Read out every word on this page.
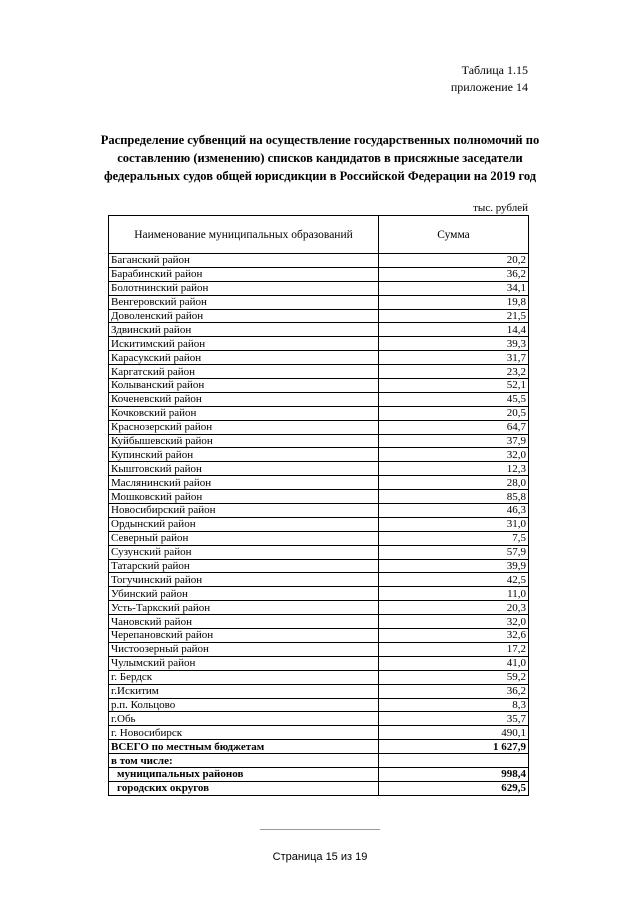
Таблица 1.15
приложение 14
Распределение субвенций на осуществление государственных полномочий по составлению (изменению) списков кандидатов в присяжные заседатели федеральных судов общей юрисдикции в Российской Федерации на 2019 год
тыс. рублей
Наименование муниципальных образований	Сумма
Баганский район	20,2
Барабинский район	36,2
Болотнинский район	34,1
Венгеровский район	19,8
Доволенский район	21,5
Здвинский район	14,4
Искитимский район	39,3
Карасукский район	31,7
Каргатский район	23,2
Колыванский район	52,1
Коченевский район	45,5
Кочковский район	20,5
Краснозерский район	64,7
Куйбышевский район	37,9
Купинский район	32,0
Кыштовский район	12,3
Маслянинский район	28,0
Мошковский район	85,8
Новосибирский район	46,3
Ордынский район	31,0
Северный район	7,5
Сузунский район	57,9
Татарский район	39,9
Тогучинский район	42,5
Убинский район	11,0
Усть-Таркский район	20,3
Чановский район	32,0
Черепановский район	32,6
Чистоозерный район	17,2
Чулымский район	41,0
г. Бердск	59,2
г.Искитим	36,2
р.п. Кольцово	8,3
г.Обь	35,7
г. Новосибирск	490,1
ВСЕГО по местным бюджетам	1 627,9
в том числе:	
муниципальных районов	998,4
городских округов	629,5
Страница 15 из 19
